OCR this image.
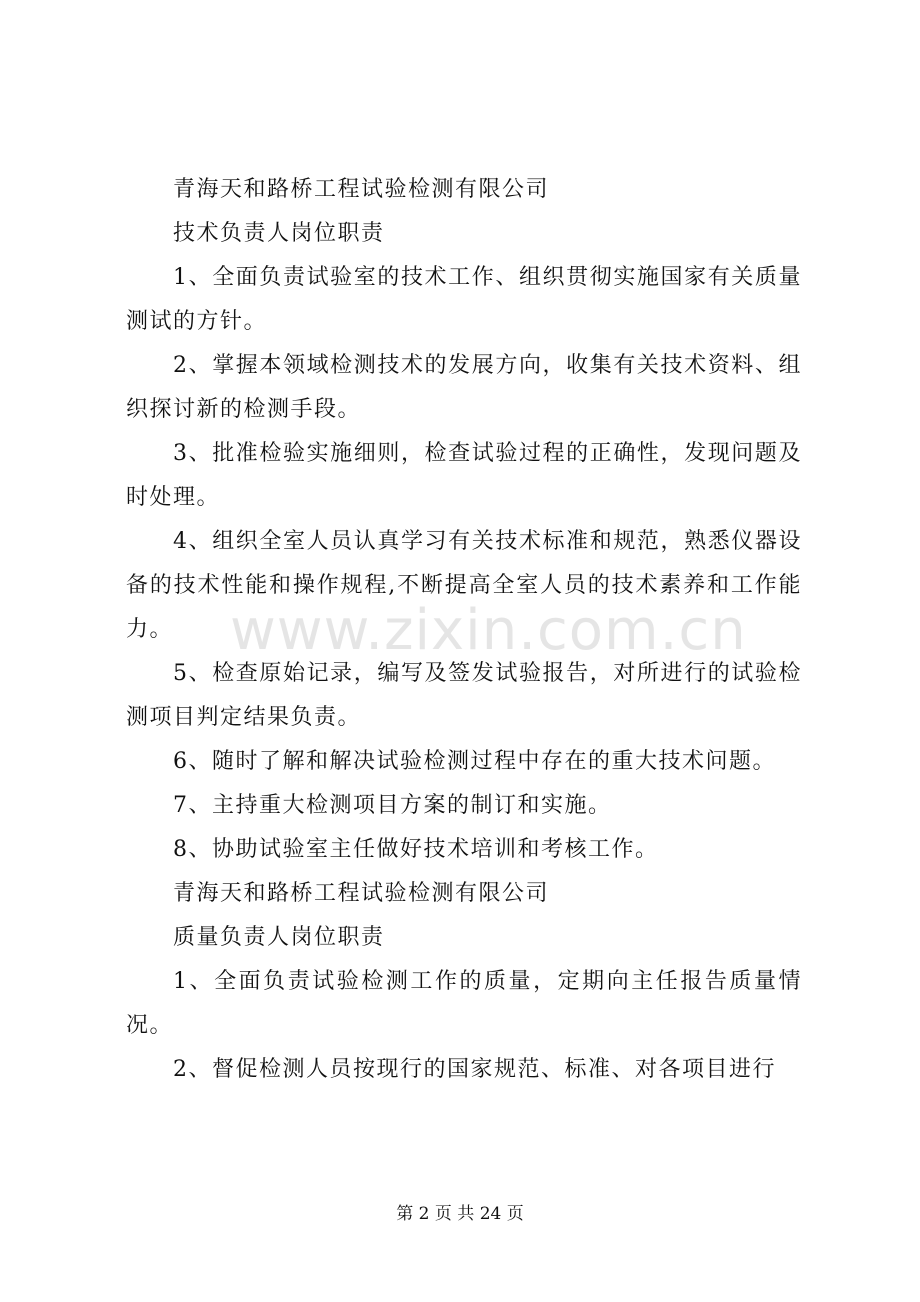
青海天和路桥工程试验检测有限公司

技术负责人岗位职责

1、全面负责试验室的技术工作、组织贯彻实施国家有关质量测试的方针。

2、掌握本领域检测技术的发展方向，收集有关技术资料、组织探讨新的检测手段。

3、批准检验实施细则，检查试验过程的正确性，发现问题及时处理。

4、组织全室人员认真学习有关技术标准和规范，熟悉仪器设备的技术性能和操作规程,不断提高全室人员的技术素养和工作能力。

5、检查原始记录，编写及签发试验报告，对所进行的试验检测项目判定结果负责。

6、随时了解和解决试验检测过程中存在的重大技术问题。

7、主持重大检测项目方案的制订和实施。

8、协助试验室主任做好技术培训和考核工作。

青海天和路桥工程试验检测有限公司

质量负责人岗位职责

1、全面负责试验检测工作的质量，定期向主任报告质量情况。

2、督促检测人员按现行的国家规范、标准、对各项目进行

www.zixin.com.cn
第 2 页 共 24 页
